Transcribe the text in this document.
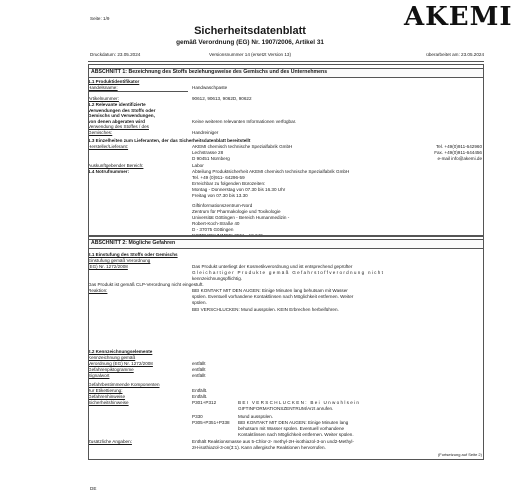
Seite: 1/9	AKEMI
Sicherheitsdatenblatt
gemäß Verordnung (EG) Nr. 1907/2006, Artikel 31
Druckdatum: 23.05.2024	Versionsnummer 14 (ersetzt Version 13)	überarbeitet am: 23.05.2024
ABSCHNITT 1: Bezeichnung des Stoffs beziehungsweise des Gemischs und des Unternehmens
1.1 Produktidentifikator
Handelsname:	Handwaschpaste
Artikelnummer:	90612, 90613, 9062D, 90622
1.2 Relevante identifizierte
Verwendungen des Stoffs oder
Gemischs und Verwendungen,
von denen abgeraten wird	Keine weiteren relevanten Informationen verfügbar.
Verwendung des Stoffes / des
Gemisches:	Handreiniger
1.3 Einzelheiten zum Lieferanten, der das Sicherheitsdatenblatt bereitstellt
Hersteller/Lieferant:	AKEMI chemisch technische Spezialfabrik GmbH
Lechstrasse 28
D 90451 Nürnberg
Tel. +49(0)911-642960
Fax. +49(0)911-644456
e-mail info@akemi.de
Auskunftgebender Bereich:	Labor
Abteilung Produktsicherheit AKEMI chemisch technische Spezialfabrik GmbH
1.4 Notrufnummer:
Tel. +49 (0)911- 64296-59
Erreichbar zu folgenden Bürozeiten:
Montag - Donnerstag von 07.30 bis 16.30 Uhr
Freitag von 07.30 bis 13.30
Giftinformationszentrum-Nord
Zentrum für Pharmakologie und Toxikologie
Universität Göttingen - Bereich Humanmedizin -
Robert-Koch-Straße 40
D - 37075 Göttingen
NOTRUFNUMMER: 0551 - 19 240
ABSCHNITT 2: Mögliche Gefahren
2.1 Einstufung des Stoffs oder Gemischs
Einstufung gemäß Verordnung
(EG) Nr. 1272/2008	Das Produkt unterliegt der Kosmetikverordnung und ist entsprechend geprüfter
Gleichartiger Produkte gemäß Gefahrstoffverordnung nicht
kennzeichnungspflichtig.
Das Produkt ist gemäß CLP-Verordnung nicht eingestuft.
Reaktion:	BEI KONTAKT MIT DEN AUGEN: Einige Minuten lang behutsam mit Wasser
spülen. Eventuell vorhandene Kontaktlinsen nach Möglichkeit entfernen. Weiter
spülen.
BEI VERSCHLUCKEN: Mund ausspülen. KEIN Erbrechen herbeiführen.
2.2 Kennzeichnungselemente
Kennzeichnung gemäß
Verordnung (EG) Nr. 1272/2008	entfällt
Gefahrenpiktogramme	entfällt
Signalwort	entfällt
Gefahrbestimmende Komponenten
zur Etikettierung:	Entfällt.
Gefahrenhinweise	Entfällt.
Sicherheitshinweise	P301+P312	BEI VERSCHLUCKEN: Bei Unwohlsein
GIFTINFORMATIONSZENTRUM/Arzt anrufen.
P330	Mund ausspülen.
P305+P351+P338 BEI KONTAKT MIT DEN AUGEN: Einige Minuten lang
behutsam mit Wasser spülen. Eventuell vorhandene
Kontaktlinsen nach Möglichkeit entfernen. Weiter spülen.
Zusätzliche Angaben:	Enthält Reaktionsmasse aus 5-Chlor-2- methyl-2H-isothiazol-3-on und2-Methyl-
2H-isothiazol-3-on(3:1). Kann allergische Reaktionen hervorrufen.
(Fortsetzung auf Seite 2)
DE
